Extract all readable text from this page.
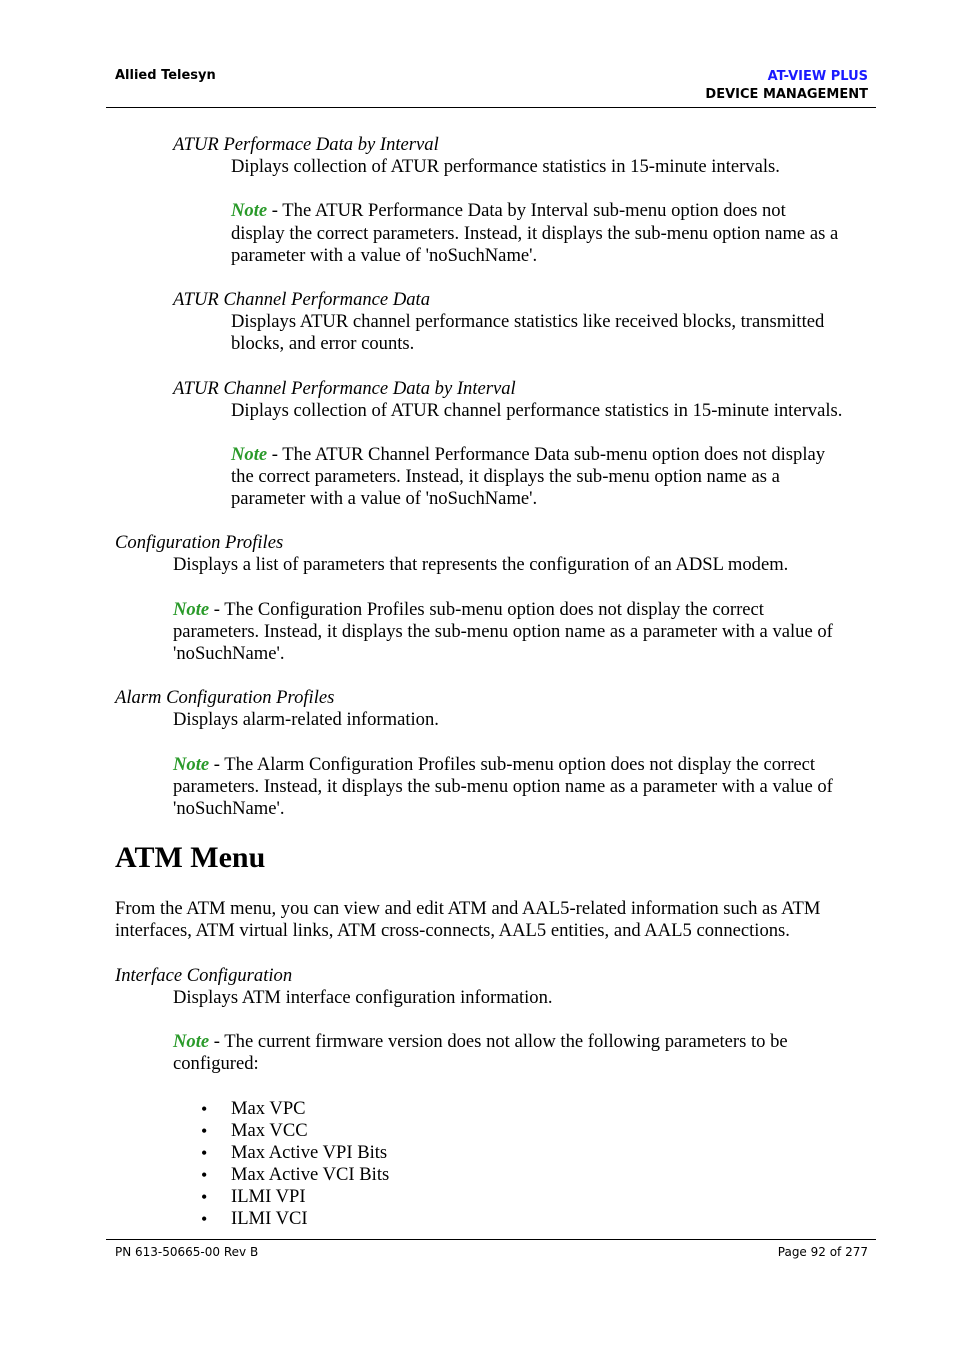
Allied Telesyn	AT-VIEW PLUS
DEVICE MANAGEMENT
ATUR Performace Data by Interval
Diplays collection of ATUR performance statistics in 15-minute intervals.
Note - The ATUR Performance Data by Interval sub-menu option does not
display the correct parameters. Instead, it displays the sub-menu option name as a
parameter with a value of 'noSuchName'.
ATUR Channel Performance Data
Displays ATUR channel performance statistics like received blocks, transmitted
blocks, and error counts.
ATUR Channel Performance Data by Interval
Diplays collection of ATUR channel performance statistics in 15-minute intervals.
Note - The ATUR Channel Performance Data sub-menu option does not display
the correct parameters. Instead, it displays the sub-menu option name as a
parameter with a value of 'noSuchName'.
Configuration Profiles
Displays a list of parameters that represents the configuration of an ADSL modem.
Note - The Configuration Profiles sub-menu option does not display the correct
parameters. Instead, it displays the sub-menu option name as a parameter with a value of
'noSuchName'.
Alarm Configuration Profiles
Displays alarm-related information.
Note - The Alarm Configuration Profiles sub-menu option does not display the correct
parameters. Instead, it displays the sub-menu option name as a parameter with a value of
'noSuchName'.
ATM Menu
From the ATM menu, you can view and edit ATM and AAL5-related information such as ATM
interfaces, ATM virtual links, ATM cross-connects, AAL5 entities, and AAL5 connections.
Interface Configuration
Displays ATM interface configuration information.
Note - The current firmware version does not allow the following parameters to be
configured:
• Max VPC
• Max VCC
• Max Active VPI Bits
• Max Active VCI Bits
• ILMI VPI
• ILMI VCI
PN 613-50665-00 Rev B	Page 92 of 277
